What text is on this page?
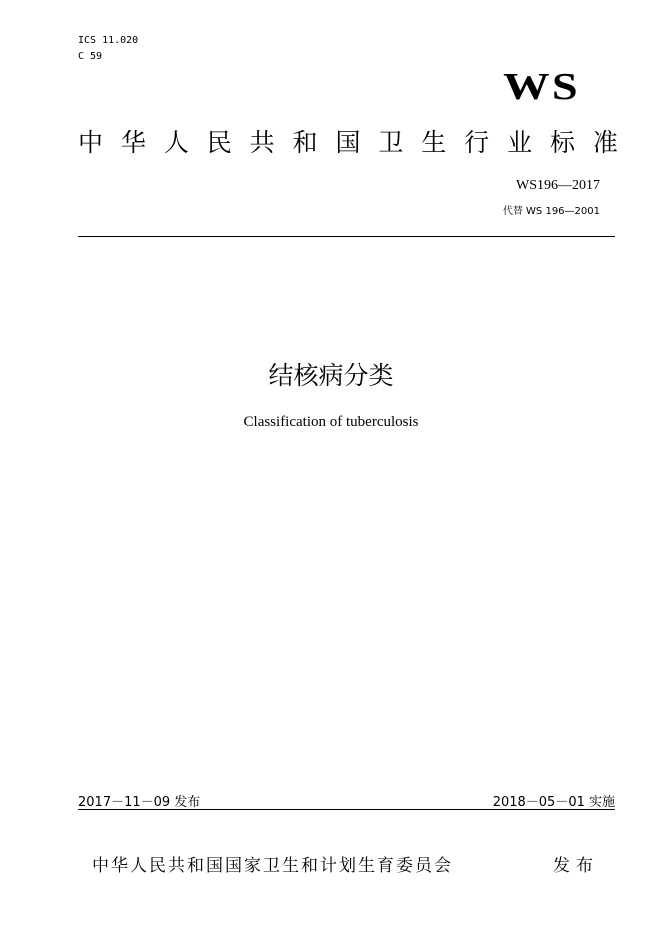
ICS 11.020
C 59
WS
中 华 人 民 共 和 国 卫 生 行 业 标 准
WS196—2017
代替 WS 196—2001
结核病分类
Classification of tuberculosis
2017－11－09 发布	2018－05－01 实施
中华人民共和国国家卫生和计划生育委员会	发布
